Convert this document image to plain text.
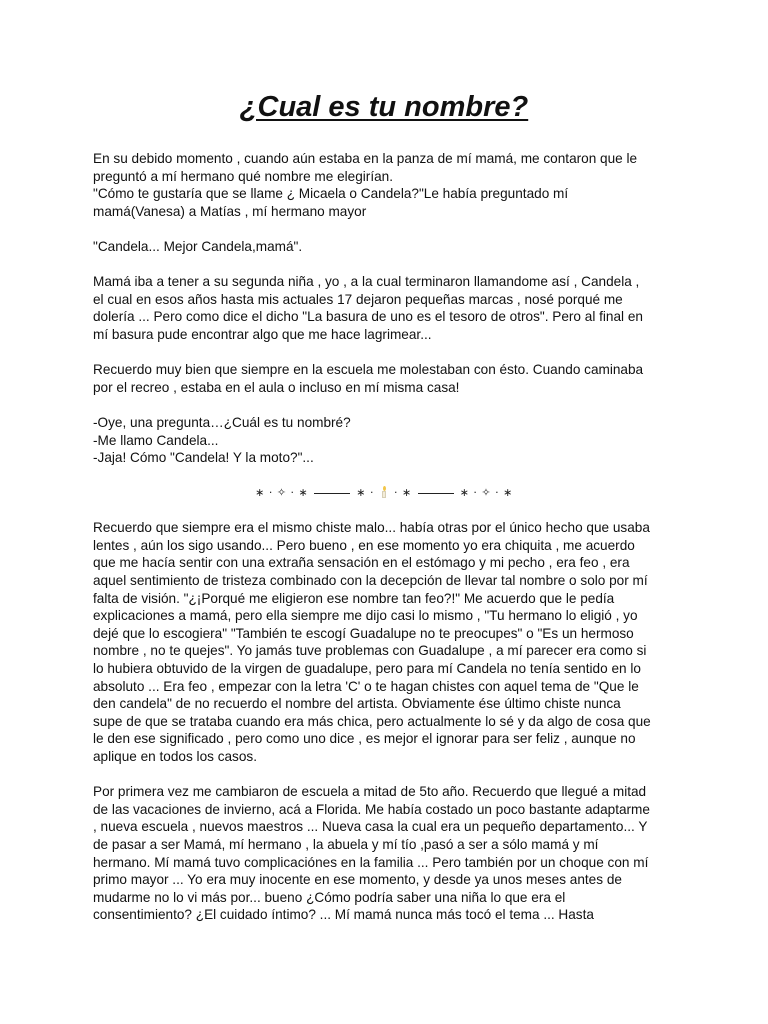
¿Cual es tu nombre?

En su debido momento , cuando aún estaba en la panza de mí mamá, me contaron que le
preguntó a mí hermano qué nombre me elegirían.
"Cómo te gustaría que se llame ¿ Micaela o Candela?"Le había preguntado mí
mamá(Vanesa) a Matías , mí hermano mayor

"Candela... Mejor Candela,mamá".

Mamá iba a tener a su segunda niña , yo , a la cual terminaron llamandome así , Candela ,
el cual en esos años hasta mis actuales 17 dejaron pequeñas marcas , nosé porqué me
dolería ... Pero como dice el dicho "La basura de uno es el tesoro de otros". Pero al final en
mí basura pude encontrar algo que me hace lagrimear...

Recuerdo muy bien que siempre en la escuela me molestaban con ésto. Cuando caminaba
por el recreo , estaba en el aula o incluso en mí misma casa!

-Oye, una pregunta…¿Cuál es tu nombré?
-Me llamo Candela...
-Jaja! Cómo "Candela! Y la moto?"...

∗ · ✧ · ∗	∗ · · ∗	∗ · ✧ · ∗

Recuerdo que siempre era el mismo chiste malo... había otras por el único hecho que usaba
lentes , aún los sigo usando... Pero bueno , en ese momento yo era chiquita , me acuerdo
que me hacía sentir con una extraña sensación en el estómago y mi pecho , era feo , era
aquel sentimiento de tristeza combinado con la decepción de llevar tal nombre o solo por mí
falta de visión. "¿¡Porqué me eligieron ese nombre tan feo?!" Me acuerdo que le pedía
explicaciones a mamá, pero ella siempre me dijo casi lo mismo , "Tu hermano lo eligió , yo
dejé que lo escogiera" "También te escogí Guadalupe no te preocupes" o "Es un hermoso
nombre , no te quejes". Yo jamás tuve problemas con Guadalupe , a mí parecer era como si
lo hubiera obtuvido de la virgen de guadalupe, pero para mí Candela no tenía sentido en lo
absoluto ... Era feo , empezar con la letra 'C' o te hagan chistes con aquel tema de "Que le
den candela" de no recuerdo el nombre del artista. Obviamente ése último chiste nunca
supe de que se trataba cuando era más chica, pero actualmente lo sé y da algo de cosa que
le den ese significado , pero como uno dice , es mejor el ignorar para ser feliz , aunque no
aplique en todos los casos.

Por primera vez me cambiaron de escuela a mitad de 5to año. Recuerdo que llegué a mitad
de las vacaciones de invierno, acá a Florida. Me había costado un poco bastante adaptarme
, nueva escuela , nuevos maestros ... Nueva casa la cual era un pequeño departamento... Y
de pasar a ser Mamá, mí hermano , la abuela y mí tío ,pasó a ser a sólo mamá y mí
hermano. Mí mamá tuvo complicaciónes en la familia ... Pero también por un choque con mí
primo mayor ... Yo era muy inocente en ese momento, y desde ya unos meses antes de
mudarme no lo vi más por... bueno ¿Cómo podría saber una niña lo que era el
consentimiento? ¿El cuidado íntimo? ... Mí mamá nunca más tocó el tema ... Hasta
